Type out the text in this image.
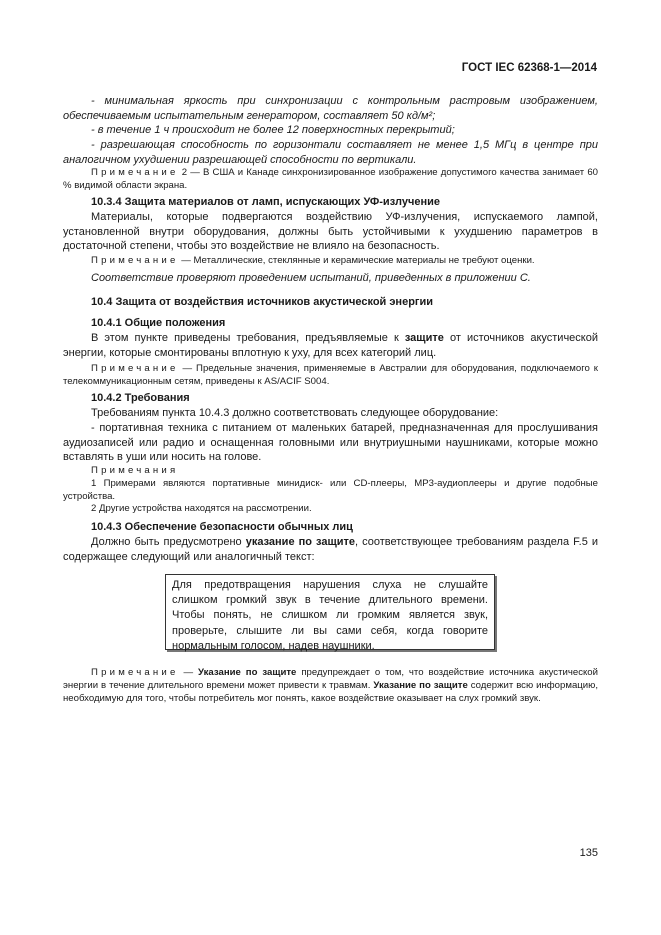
ГОСТ IEC 62368-1—2014
- минимальная яркость при синхронизации с контрольным растровым изображением, обеспечиваемым испытательным генератором, составляет 50 кд/м²;
- в течение 1 ч происходит не более 12 поверхностных перекрытий;
- разрешающая способность по горизонтали составляет не менее 1,5 МГц в центре при аналогичном ухудшении разрешающей способности по вертикали.
Примечание 2 — В США и Канаде синхронизированное изображение допустимого качества занимает 60 % видимой области экрана.
10.3.4 Защита материалов от ламп, испускающих УФ-излучение
Материалы, которые подвергаются воздействию УФ-излучения, испускаемого лампой, установленной внутри оборудования, должны быть устойчивыми к ухудшению параметров в достаточной степени, чтобы это воздействие не влияло на безопасность.
Примечание — Металлические, стеклянные и керамические материалы не требуют оценки.
Соответствие проверяют проведением испытаний, приведенных в приложении С.
10.4 Защита от воздействия источников акустической энергии
10.4.1 Общие положения
В этом пункте приведены требования, предъявляемые к защите от источников акустической энергии, которые смонтированы вплотную к уху, для всех категорий лиц.
Примечание — Предельные значения, применяемые в Австралии для оборудования, подключаемого к телекоммуникационным сетям, приведены к AS/ACIF S004.
10.4.2 Требования
Требованиям пункта 10.4.3 должно соответствовать следующее оборудование:
- портативная техника с питанием от маленьких батарей, предназначенная для прослушивания аудиозаписей или радио и оснащенная головными или внутриушными наушниками, которые можно вставлять в уши или носить на голове.
Примечания
1 Примерами являются портативные минидиск- или CD-плееры, MP3-аудиоплееры и другие подобные устройства.
2 Другие устройства находятся на рассмотрении.
10.4.3 Обеспечение безопасности обычных лиц
Должно быть предусмотрено указание по защите, соответствующее требованиям раздела F.5 и содержащее следующий или аналогичный текст:
Для предотвращения нарушения слуха не слушайте слишком громкий звук в течение длительного времени. Чтобы понять, не слишком ли громким является звук, проверьте, слышите ли вы сами себя, когда говорите нормальным голосом, надев наушники.
Примечание — Указание по защите предупреждает о том, что воздействие источника акустической энергии в течение длительного времени может привести к травмам. Указание по защите содержит всю информацию, необходимую для того, чтобы потребитель мог понять, какое воздействие оказывает на слух громкий звук.
135
